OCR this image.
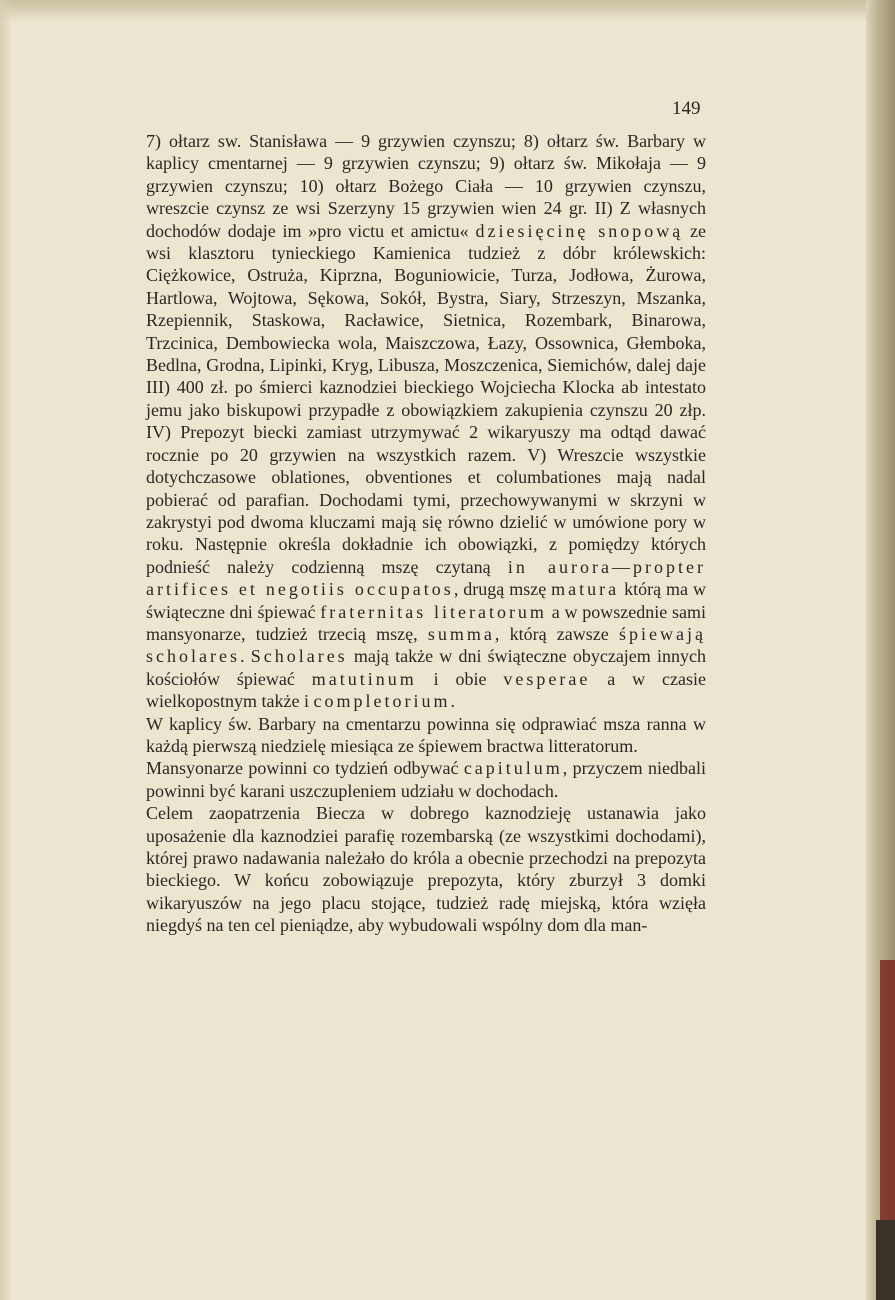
149

7) ołtarz sw. Stanisława — 9 grzywien czynszu; 8) ołtarz św. Barbary w kaplicy cmentarnej — 9 grzywien czynszu; 9) ołtarz św. Mikołaja — 9 grzywien czynszu; 10) ołtarz Bożego Ciała — 10 grzywien czynszu, wreszcie czynsz ze wsi Szerzyny 15 grzywien wien 24 gr. II) Z własnych dochodów dodaje im »pro victu et amictu« dziesięcinę snopową ze wsi klasztoru tynieckiego Kamienica tudzież z dóbr królewskich: Ciężkowice, Ostruża, Kiprzna, Boguniowicie, Turza, Jodłowa, Żurowa, Hartlowa, Wojtowa, Sękowa, Sokół, Bystra, Siary, Strzeszyn, Mszanka, Rzepiennik, Staskowa, Racławice, Sietnica, Rozembark, Binarowa, Trzcinica, Dembowiecka wola, Maiszczowa, Łazy, Ossownica, Głemboka, Bedlna, Grodna, Lipinki, Kryg, Libusza, Moszczenica, Siemichów, dalej daje III) 400 zł. po śmierci kaznodziei bieckiego Wojciecha Klocka ab intestato jemu jako biskupowi przypadłe z obowiązkiem zakupienia czynszu 20 złp. IV) Prepozyt biecki zamiast utrzymywać 2 wikaryuszy ma odtąd dawać rocznie po 20 grzywien na wszystkich razem. V) Wreszcie wszystkie dotychczasowe oblationes, obventiones et columbationes mają nadal pobierać od parafian. Dochodami tymi, przechowywanymi w skrzyni w zakrystyi pod dwoma kluczami mają się równo dzielić w umówione pory w roku. Następnie określa dokładnie ich obowiązki, z pomiędzy których podnieść należy codzienną mszę czytaną in aurora—propter artifices et negotiis occupatos, drugą mszę matura którą ma w świąteczne dni śpiewać fraternitas literatorum a w powszednie sami mansyonarze, tudzież trzecią mszę, summa, którą zawsze śpiewają scholares. Scholares mają także w dni świąteczne obyczajem innych kościołów śpiewać matutinum i obie vesperae a w czasie wielkopostnym także i completorium.

W kaplicy św. Barbary na cmentarzu powinna się odprawiać msza ranna w każdą pierwszą niedzielę miesiąca ze śpiewem bractwa litteratorum.

Mansyonarze powinni co tydzień odbywać capitulum, przyczem niedbali powinni być karani uszczupleniem udziału w dochodach.

Celem zaopatrzenia Biecza w dobrego kaznodzieję ustanawia jako uposażenie dla kaznodziei parafię rozembarską (ze wszystkimi dochodami), której prawo nadawania należało do króla a obecnie przechodzi na prepozyta bieckiego. W końcu zobowiązuje prepozyta, który zburzył 3 domki wikaryuszów na jego placu stojące, tudzież radę miejską, która wzięła niegdyś na ten cel pieniądze, aby wybudowali wspólny dom dla man-
